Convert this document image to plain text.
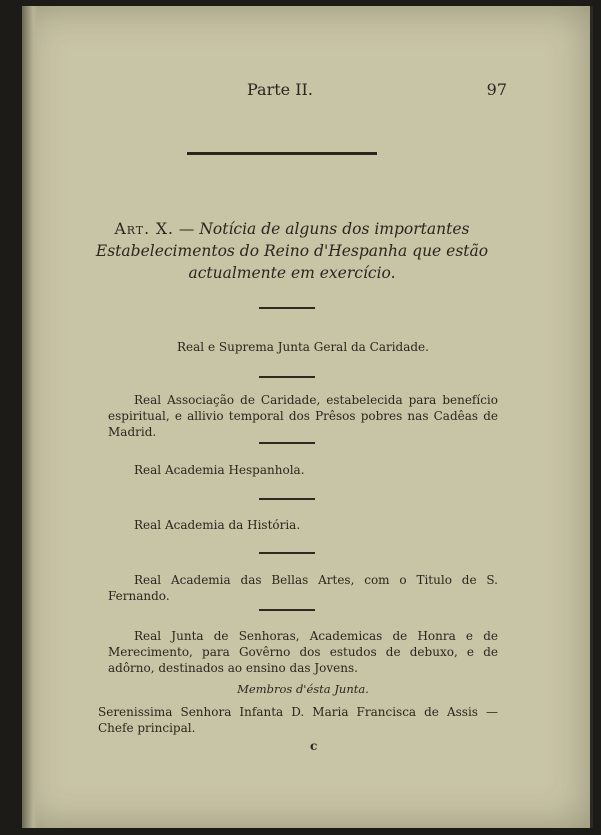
Parte II.	97
Art. X. — Notícia de alguns dos importantes Estabelecimentos do Reino d'Hespanha que estão actualmente em exercício.
Real e Suprema Junta Geral da Caridade.
Real Associação de Caridade, estabelecida para benefício espiritual, e allivio temporal dos Prêsos pobres nas Cadêas de Madrid.
Real Academia Hespanhola.
Real Academia da História.
Real Academia das Bellas Artes, com o Titulo de S. Fernando.
Real Junta de Senhoras, Academicas de Honra e de Merecimento, para Govêrno dos estudos de debuxo, e de adôrno, destinados ao ensino das Jovens.
Membros d'ésta Junta.
Serenissima Senhora Infanta D. Maria Francisca de Assis — Chefe principal.
c
